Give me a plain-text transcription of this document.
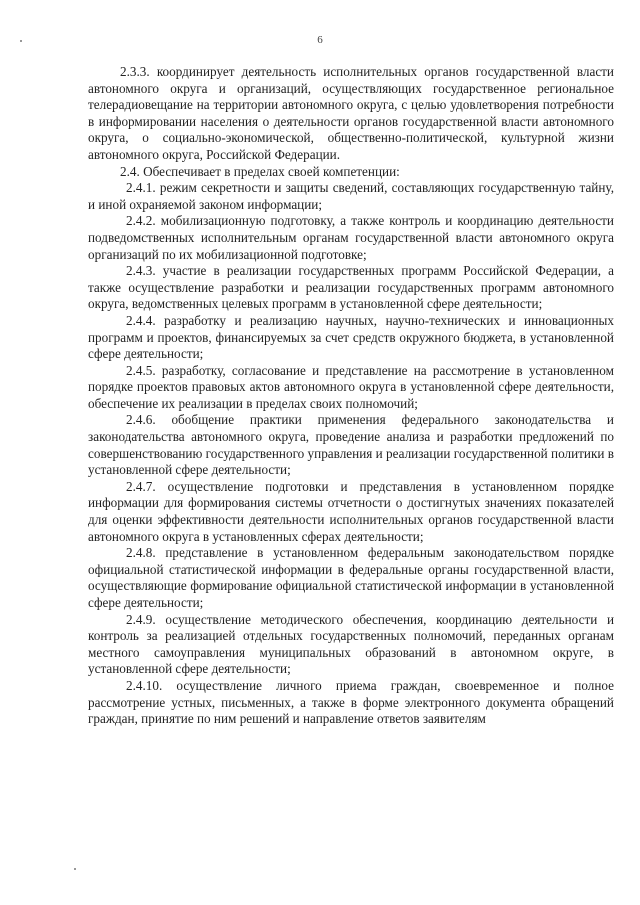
6

2.3.3. координирует деятельность исполнительных органов государственной власти автономного округа и организаций, осуществляющих государственное региональное телерадиовещание на территории автономного округа, с целью удовлетворения потребности в информировании населения о деятельности органов государственной власти автономного округа, о социально-экономической, общественно-политической, культурной жизни автономного округа, Российской Федерации.

2.4. Обеспечивает в пределах своей компетенции:

2.4.1. режим секретности и защиты сведений, составляющих государственную тайну, и иной охраняемой законом информации;

2.4.2. мобилизационную подготовку, а также контроль и координацию деятельности подведомственных исполнительным органам государственной власти автономного округа организаций по их мобилизационной подготовке;

2.4.3. участие в реализации государственных программ Российской Федерации, а также осуществление разработки и реализации государственных программ автономного округа, ведомственных целевых программ в установленной сфере деятельности;

2.4.4. разработку и реализацию научных, научно-технических и инновационных программ и проектов, финансируемых за счет средств окружного бюджета, в установленной сфере деятельности;

2.4.5. разработку, согласование и представление на рассмотрение в установленном порядке проектов правовых актов автономного округа в установленной сфере деятельности, обеспечение их реализации в пределах своих полномочий;

2.4.6. обобщение практики применения федерального законодательства и законодательства автономного округа, проведение анализа и разработки предложений по совершенствованию государственного управления и реализации государственной политики в установленной сфере деятельности;

2.4.7. осуществление подготовки и представления в установленном порядке информации для формирования системы отчетности о достигнутых значениях показателей для оценки эффективности деятельности исполнительных органов государственной власти автономного округа в установленных сферах деятельности;

2.4.8. представление в установленном федеральным законодательством порядке официальной статистической информации в федеральные органы государственной власти, осуществляющие формирование официальной статистической информации в установленной сфере деятельности;

2.4.9. осуществление методического обеспечения, координацию деятельности и контроль за реализацией отдельных государственных полномочий, переданных органам местного самоуправления муниципальных образований в автономном округе, в установленной сфере деятельности;

2.4.10. осуществление личного приема граждан, своевременное и полное рассмотрение устных, письменных, а также в форме электронного документа обращений граждан, принятие по ним решений и направление ответов заявителям
